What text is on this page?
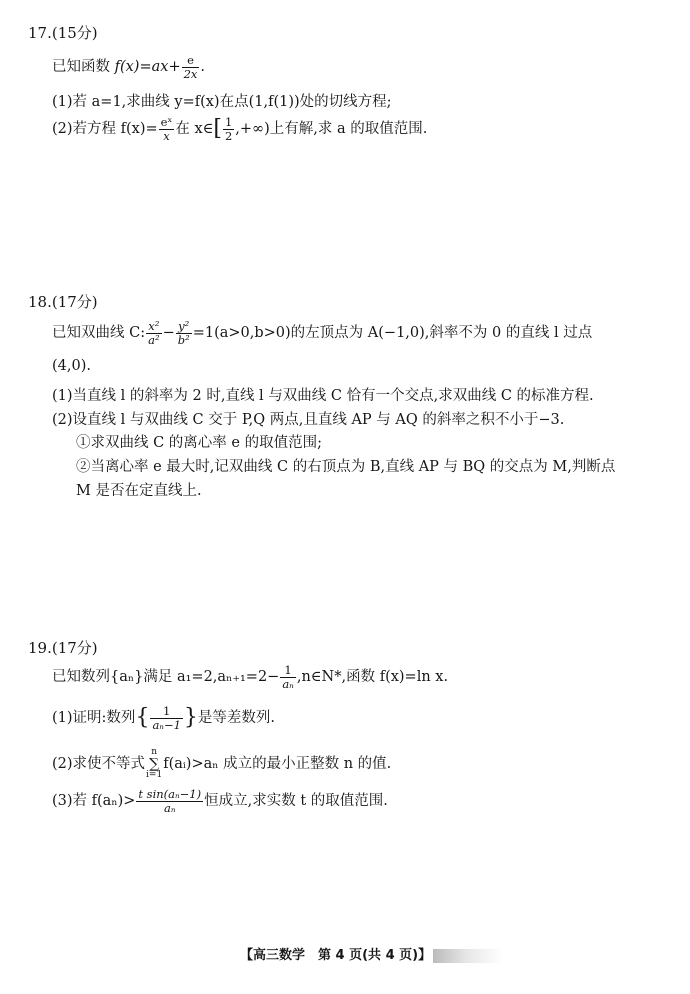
17.(15分)
已知函数 $f(x)=ax+ \frac{e}{2x}$ .
(1)若 a=1,求曲线 y=f(x)在点(1,f(1))处的切线方程;
(2)若方程 $f(x)= \frac{\text{eˣ}}{x}$ 在 x∈[ $\frac{1}{2}$ ,+∞)上有解,求 a 的取值范围.
18.(17分)
已知双曲线 C: $\frac{\text{x²}}{\text{a²}} - \frac{\text{y²}}{\text{b²}} =1(a>0,b>0)$的左顶点为 A(−1,0),斜率不为 0 的直线 l 过点
(4,0).
(1)当直线 l 的斜率为 2 时,直线 l 与双曲线 C 恰有一个交点,求双曲线 C 的标准方程.
(2)设直线 l 与双曲线 C 交于 P,Q 两点,且直线 AP 与 AQ 的斜率之积不小于−3.
①求双曲线 C 的离心率 e 的取值范围;
②当离心率 e 最大时,记双曲线 C 的右顶点为 B,直线 AP 与 BQ 的交点为 M,判断点
M 是否在定直线上.
19.(17分)
已知数列{aₙ}满足 $a_1=2,a_{n+1}=2- \frac{1}{\text{aₙ}}$ ,n∈N*,函数 f(x)=ln x.
(1)证明:数列{ $\frac{1}{\text{aₙ−1}}$ }是等差数列.
(2)求使不等式n
∑
i=1f(aᵢ)>aₙ 成立的最小正整数 n 的值.
(3)若 $f(a_n)> \frac{\text{t sin(aₙ−1)}}{\text{aₙ}}$ 恒成立,求实数 t 的取值范围.
【高三数学　第 4 页(共 4 页)】
